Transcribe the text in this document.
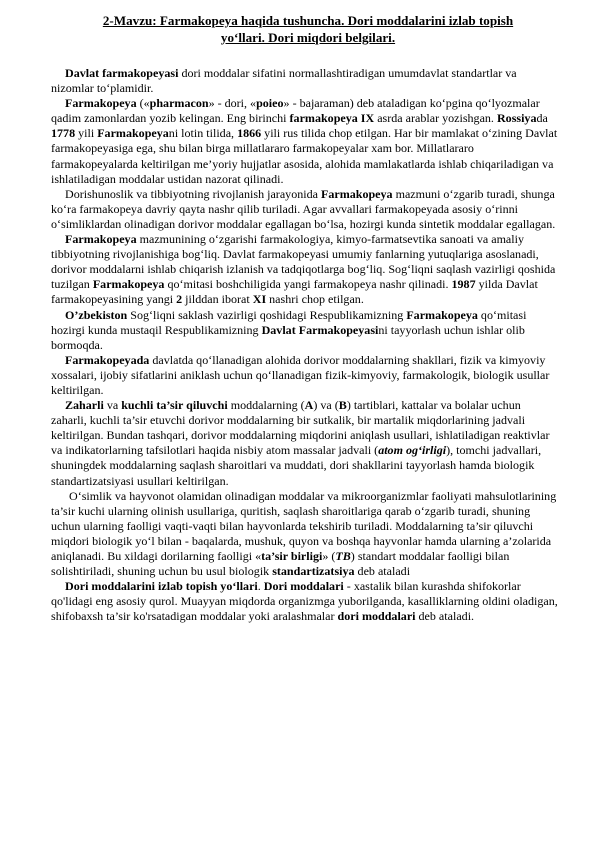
2-Mavzu: Farmakopeya haqida tushuncha. Dori moddalarini izlab topish
yo‘llari. Dori miqdori belgilari.

Davlat farmakopeyasi dori moddalar sifatini normallashtiradigan umumdavlat standartlar va nizomlar to‘plamidir.

Farmakopeya («pharmacon» - dori, «poieo» - bajaraman) deb ataladigan ko‘pgina qo‘lyozmalar qadim zamonlardan yozib kelingan. Eng birinchi farmakopeya IX asrda arablar yozishgan. Rossiyada 1778 yili Farmakopeyani lotin tilida, 1866 yili rus tilida chop etilgan. Har bir mamlakat o‘zining Davlat farmakopeyasiga ega, shu bilan birga millatlararo farmakopeyalar xam bor. Millatlararo farmakopeyalarda keltirilgan me’yoriy hujjatlar asosida, alohida mamlakatlarda ishlab chiqariladigan va ishlatiladigan moddalar ustidan nazorat qilinadi.

Dorishunoslik va tibbiyotning rivojlanish jarayonida Farmakopeya mazmuni o‘zgarib turadi, shunga ko‘ra farmakopeya davriy qayta nashr qilib turiladi. Agar avvallari farmakopeyada asosiy o‘rinni o‘simliklardan olinadigan dorivor moddalar egallagan bo‘lsa, hozirgi kunda sintetik moddalar egallagan.

Farmakopeya mazmunining o‘zgarishi farmakologiya, kimyo-farmatsevtika sanoati va amaliy tibbiyotning rivojlanishiga bog‘liq. Davlat farmakopeyasi umumiy fanlarning yutuqlariga asoslanadi, dorivor moddalarni ishlab chiqarish izlanish va tadqiqotlarga bog‘liq. Sog‘liqni saqlash vazirligi qoshida tuzilgan Farmakopeya qo‘mitasi boshchiligida yangi farmakopeya nashr qilinadi. 1987 yilda Davlat farmakopeyasining yangi 2 jilddan iborat XI nashri chop etilgan.

O’zbekiston Sog‘liqni saklash vazirligi qoshidagi Respublikamizning Farmakopeya qo‘mitasi hozirgi kunda mustaqil Respublikamizning Davlat Farmakopeyasini tayyorlash uchun ishlar olib bormoqda.

Farmakopeyada davlatda qo‘llanadigan alohida dorivor moddalarning shakllari, fizik va kimyoviy xossalari, ijobiy sifatlarini aniklash uchun qo‘llanadigan fizik-kimyoviy, farmakologik, biologik usullar keltirilgan.

Zaharli va kuchli ta’sir qiluvchi moddalarning (A) va (B) tartiblari, kattalar va bolalar uchun zaharli, kuchli ta’sir etuvchi dorivor moddalarning bir sutkalik, bir martalik miqdorlarining jadvali keltirilgan. Bundan tashqari, dorivor moddalarning miqdorini aniqlash usullari, ishlatiladigan reaktivlar va indikatorlarning tafsilotlari haqida nisbiy atom massalar jadvali (atom og‘irligi), tomchi jadvallari, shuningdek moddalarning saqlash sharoitlari va muddati, dori shakllarini tayyorlash hamda biologik standartizatsiyasi usullari keltirilgan.

O‘simlik va hayvonot olamidan olinadigan moddalar va mikroorganizmlar faoliyati mahsulotlarining ta’sir kuchi ularning olinish usullariga, quritish, saqlash sharoitlariga qarab o‘zgarib turadi, shuning uchun ularning faolligi vaqti-vaqti bilan hayvonlarda tekshirib turiladi. Moddalarning ta’sir qiluvchi miqdori biologik yo‘l bilan - baqalarda, mushuk, quyon va boshqa hayvonlar hamda ularning a’zolarida aniqlanadi. Bu xildagi dorilarning faolligi «ta’sir birligi» (TB) standart moddalar faolligi bilan solishtiriladi, shuning uchun bu usul biologik standartizatsiya deb ataladi

Dori moddalarini izlab topish yo‘llari. Dori moddalari - xastalik bilan kurashda shifokorlar qo'lidagi eng asosiy qurol. Muayyan miqdorda organizmga yuborilganda, kasalliklarning oldini oladigan, shifobaxsh ta’sir ko'rsatadigan moddalar yoki aralashmalar dori moddalari deb ataladi.
